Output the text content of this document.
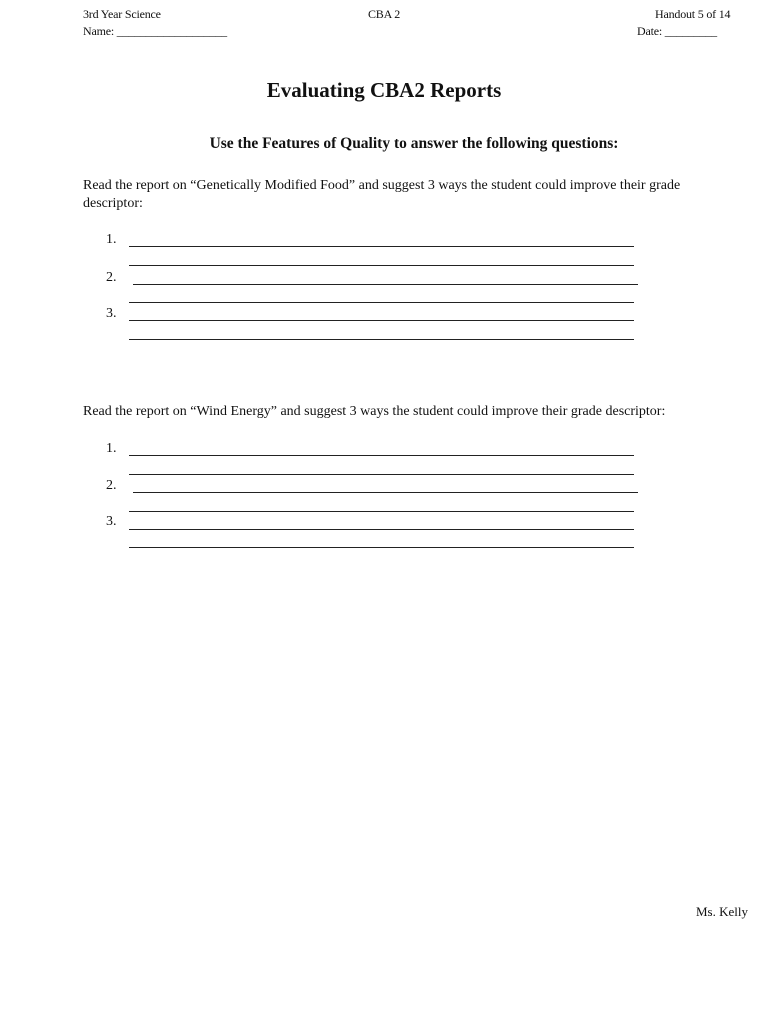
3rd Year Science	CBA 2	Handout 5 of 14
Name: ___________________	Date: _________
Evaluating CBA2 Reports
Use the Features of Quality to answer the following questions:
Read the report on “Genetically Modified Food” and suggest 3 ways the student could improve their grade descriptor:
1.
2.
3.
Read the report on “Wind Energy” and suggest 3 ways the student could improve their grade descriptor:
1.
2.
3.
Ms. Kelly
